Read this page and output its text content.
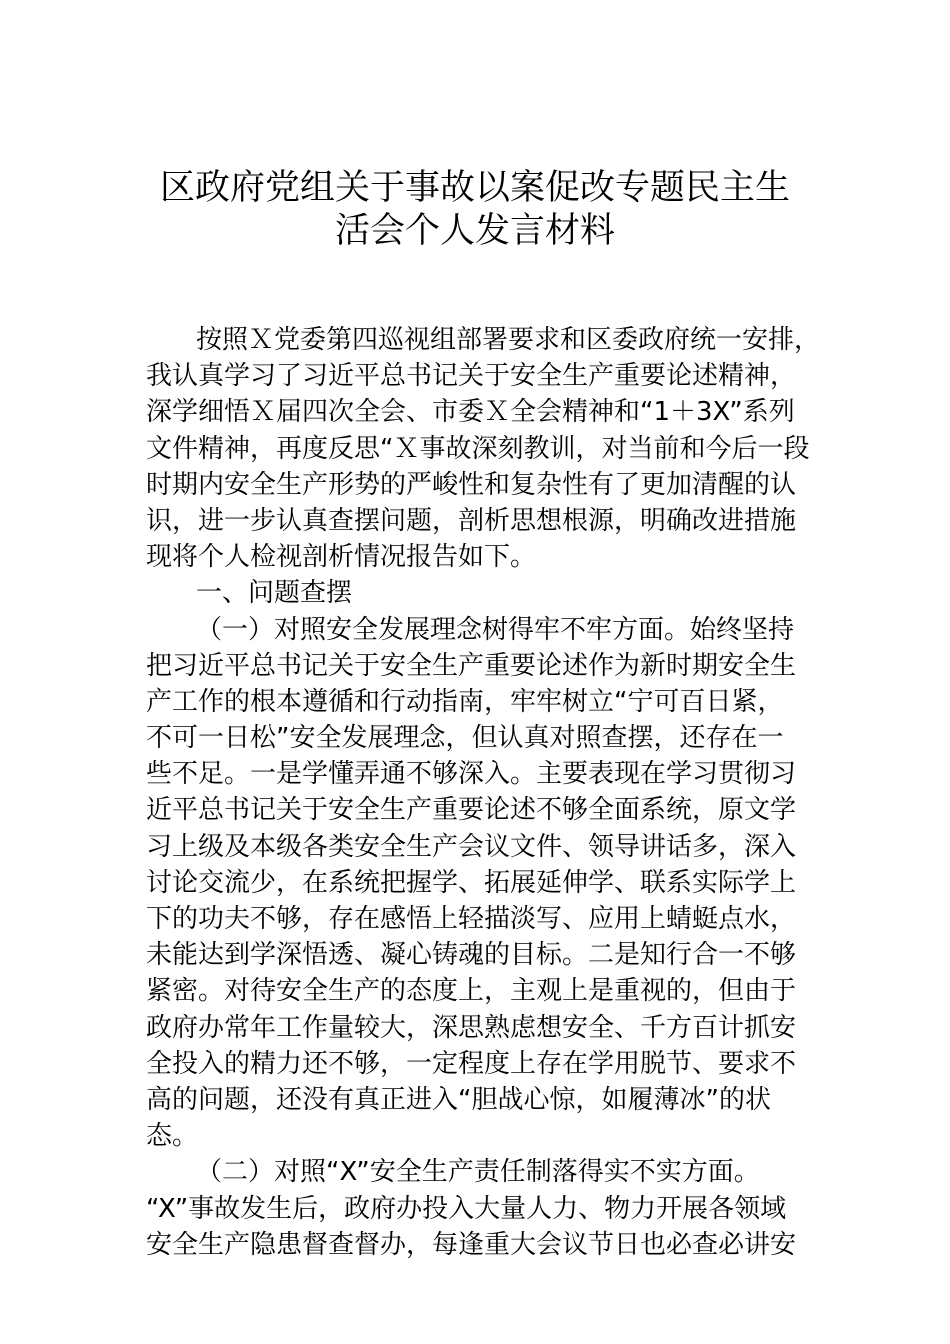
区政府党组关于事故以案促改专题民主生
活会个人发言材料
按照Ｘ党委第四巡视组部署要求和区委政府统一安排，
我认真学习了习近平总书记关于安全生产重要论述精神，
深学细悟Ｘ届四次全会、市委Ｘ全会精神和“1＋3X”系列
文件精神，再度反思“Ｘ事故深刻教训，对当前和今后一段
时期内安全生产形势的严峻性和复杂性有了更加清醒的认
识，进一步认真查摆问题，剖析思想根源，明确改进措施
现将个人检视剖析情况报告如下。
一、问题查摆
（一）对照安全发展理念树得牢不牢方面。始终坚持
把习近平总书记关于安全生产重要论述作为新时期安全生
产工作的根本遵循和行动指南，牢牢树立“宁可百日紧，
不可一日松”安全发展理念，但认真对照查摆，还存在一
些不足。一是学懂弄通不够深入。主要表现在学习贯彻习
近平总书记关于安全生产重要论述不够全面系统，原文学
习上级及本级各类安全生产会议文件、领导讲话多，深入
讨论交流少，在系统把握学、拓展延伸学、联系实际学上
下的功夫不够，存在感悟上轻描淡写、应用上蜻蜓点水，
未能达到学深悟透、凝心铸魂的目标。二是知行合一不够
紧密。对待安全生产的态度上，主观上是重视的，但由于
政府办常年工作量较大，深思熟虑想安全、千方百计抓安
全投入的精力还不够，一定程度上存在学用脱节、要求不
高的问题，还没有真正进入“胆战心惊，如履薄冰”的状
态。
（二）对照“X”安全生产责任制落得实不实方面。
“X”事故发生后，政府办投入大量人力、物力开展各领域
安全生产隐患督查督办，每逢重大会议节日也必查必讲安
